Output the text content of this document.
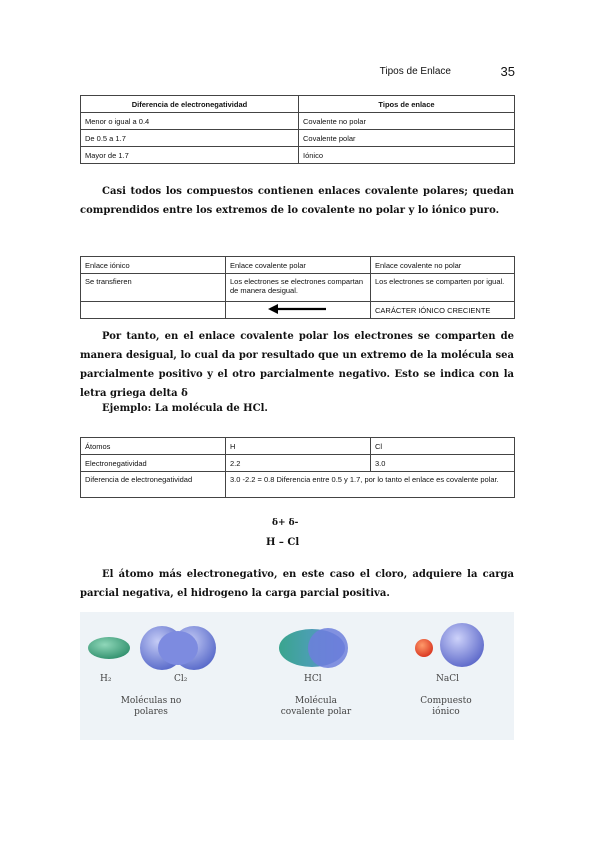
Tipos de Enlace	35
Diferencia de electronegatividad	Tipos de enlace
Menor o igual a 0.4	Covalente no polar
De 0.5 a 1.7	Covalente polar
Mayor de 1.7	Iónico
Casi todos los compuestos contienen enlaces covalente polares; quedan comprendidos entre los extremos de lo covalente no polar y lo iónico puro.
Enlace iónico	Enlace covalente polar	Enlace covalente no polar
Se transfieren	Los electrones se electrones compartan de manera desigual.	Los electrones se comparten por igual.
		CARÁCTER IÓNICO CRECIENTE
Por tanto, en el enlace covalente polar los electrones se comparten de manera desigual, lo cual da por resultado que un extremo de la molécula sea parcialmente positivo y el otro parcialmente negativo. Esto se indica con la letra griega delta δ
Ejemplo: La molécula de HCl.
Átomos	H	Cl
Electronegatividad	2.2	3.0
Diferencia de electronegatividad	3.0 -2.2 = 0.8 Diferencia entre 0.5 y 1.7, por lo tanto el enlace es covalente polar.	
δ+ δ-
H – Cl
El átomo más electronegativo, en este caso el cloro, adquiere la carga parcial negativa, el hidrogeno la carga parcial positiva.
H₂	Cl₂	HCl	NaCl
Moléculas no polares
Molécula covalente polar
Compuesto iónico
